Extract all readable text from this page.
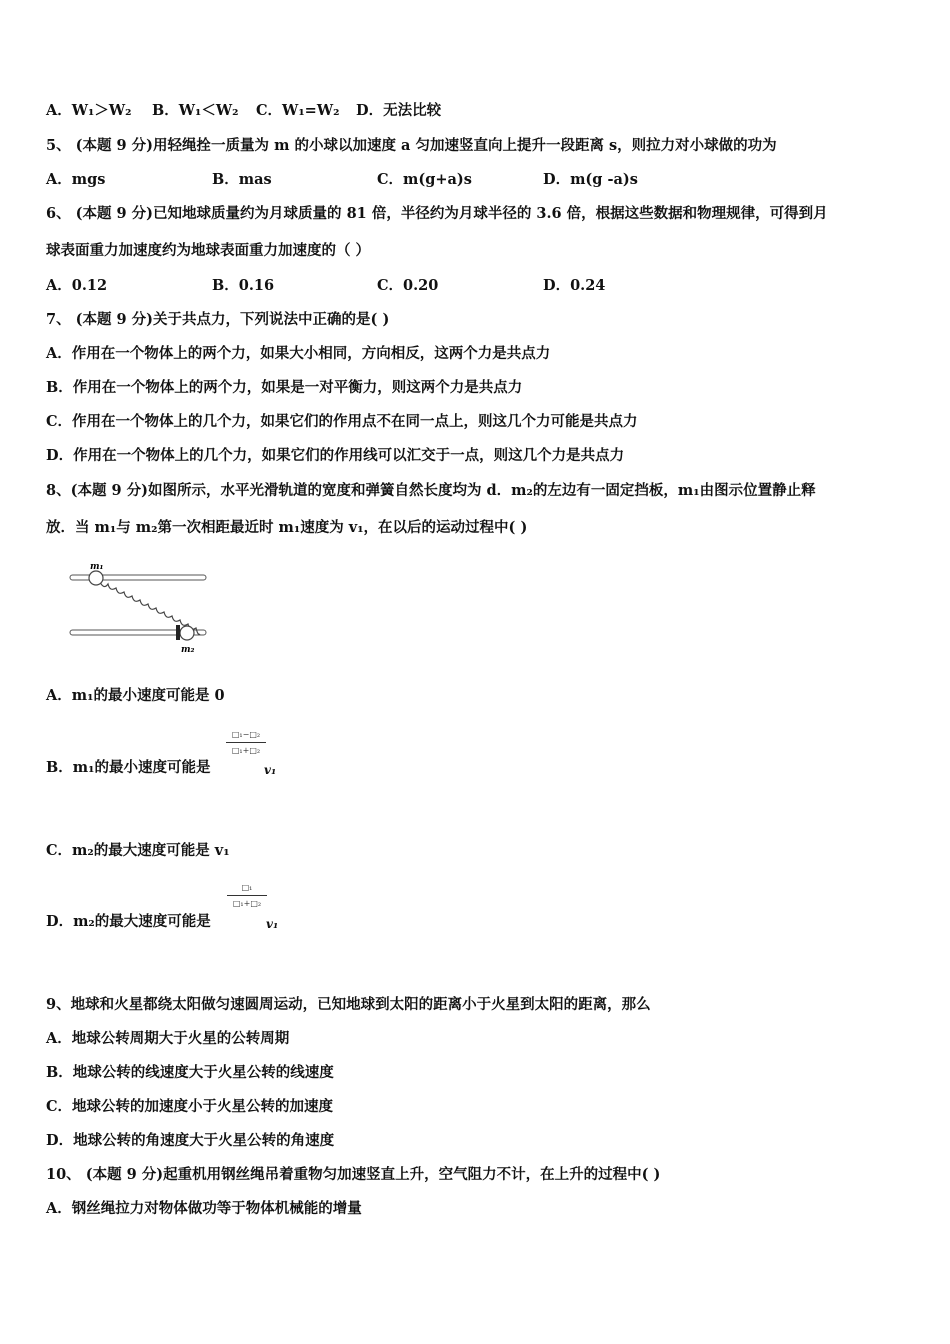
A．W₁＞W₂ B．W₁＜W₂ C．W₁=W₂ D．无法比较
5、 (本题 9 分)用轻绳拴一质量为 m 的小球以加速度 a 匀加速竖直向上提升一段距离 s，则拉力对小球做的功为
A．mgs	B．mas	C．m(g+a)s	D．m(g -a)s
6、 (本题 9 分)已知地球质量约为月球质量的 81 倍，半径约为月球半径的 3.6 倍，根据这些数据和物理规律，可得到月
球表面重力加速度约为地球表面重力加速度的（ ）
A．0.12	B．0.16	C．0.20	D．0.24
7、 (本题 9 分)关于共点力，下列说法中正确的是( )
A．作用在一个物体上的两个力，如果大小相同，方向相反，这两个力是共点力
B．作用在一个物体上的两个力，如果是一对平衡力，则这两个力是共点力
C．作用在一个物体上的几个力，如果它们的作用点不在同一点上，则这几个力可能是共点力
D．作用在一个物体上的几个力，如果它们的作用线可以汇交于一点，则这几个力是共点力
8、(本题 9 分)如图所示，水平光滑轨道的宽度和弹簧自然长度均为 d．m₂的左边有一固定挡板，m₁由图示位置静止释
放．当 m₁与 m₂第一次相距最近时 m₁速度为 v₁，在以后的运动过程中( )
m₁
m₂
A．m₁的最小速度可能是 0
B．m₁的最小速度可能是
□₁−□₂
□₁+□₂
v₁
C．m₂的最大速度可能是 v₁
D．m₂的最大速度可能是
□₁
□₁+□₂
v₁
9、地球和火星都绕太阳做匀速圆周运动，已知地球到太阳的距离小于火星到太阳的距离，那么
A．地球公转周期大于火星的公转周期
B．地球公转的线速度大于火星公转的线速度
C．地球公转的加速度小于火星公转的加速度
D．地球公转的角速度大于火星公转的角速度
10、 (本题 9 分)起重机用钢丝绳吊着重物匀加速竖直上升，空气阻力不计，在上升的过程中( )
A．钢丝绳拉力对物体做功等于物体机械能的增量
